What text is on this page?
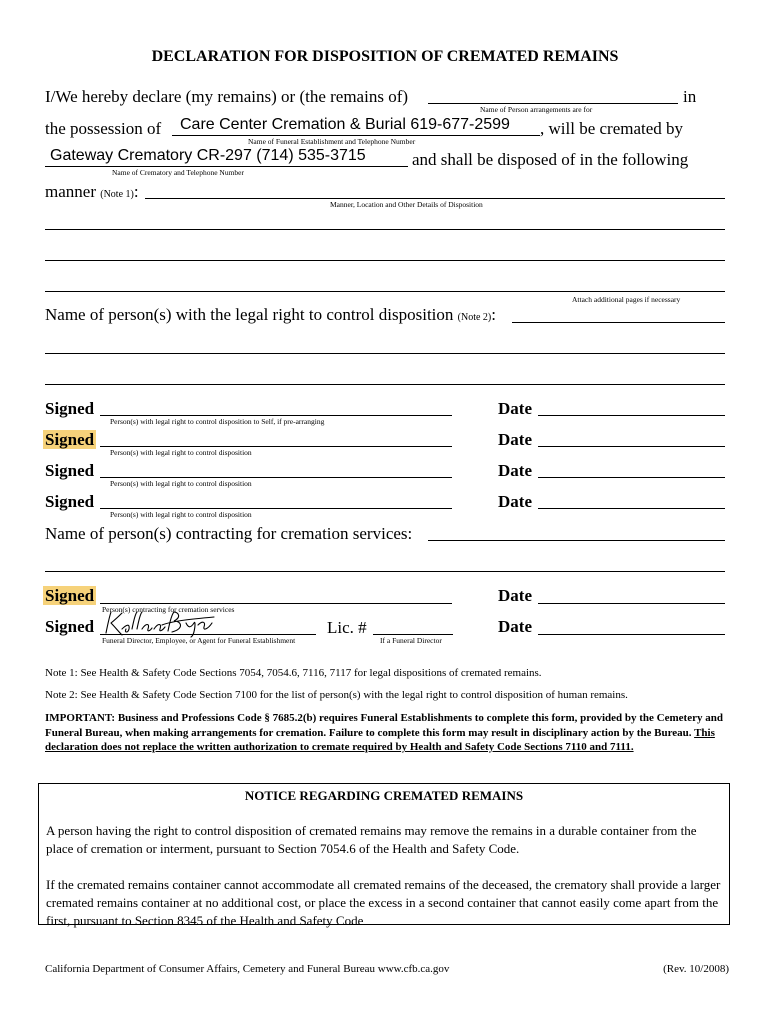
DECLARATION FOR DISPOSITION OF CREMATED REMAINS
I/We hereby declare (my remains) or (the remains of)	in
Name of Person arrangements are for
the possession of Care Center Cremation & Burial 619-677-2599 , will be cremated by
Name of Funeral Establishment and Telephone Number
Gateway Crematory CR-297 (714) 535-3715	and shall be disposed of in the following
Name of Crematory and Telephone Number
manner (Note 1):
Manner, Location and Other Details of Disposition
Attach additional pages if necessary
Name of person(s) with the legal right to control disposition (Note 2):
Signed
Person(s) with legal right to control disposition to Self, if pre-arranging
Date
Signed
Person(s) with legal right to control disposition
Date
Signed
Person(s) with legal right to control disposition
Date
Signed
Person(s) with legal right to control disposition
Date
Name of person(s) contracting for cremation services:
Signed
Person(s) contracting for cremation services
Date
Signed
Funeral Director, Employee, or Agent for Funeral Establishment
Lic. #
If a Funeral Director
Date
Note 1: See Health & Safety Code Sections 7054, 7054.6, 7116, 7117 for legal dispositions of cremated remains.
Note 2: See Health & Safety Code Section 7100 for the list of person(s) with the legal right to control disposition of human remains.
IMPORTANT: Business and Professions Code § 7685.2(b) requires Funeral Establishments to complete this form, provided by the Cemetery and Funeral Bureau, when making arrangements for cremation. Failure to complete this form may result in disciplinary action by the Bureau. This declaration does not replace the written authorization to cremate required by Health and Safety Code Sections 7110 and 7111.
NOTICE REGARDING CREMATED REMAINS
A person having the right to control disposition of cremated remains may remove the remains in a durable container from the place of cremation or interment, pursuant to Section 7054.6 of the Health and Safety Code.
If the cremated remains container cannot accommodate all cremated remains of the deceased, the crematory shall provide a larger cremated remains container at no additional cost, or place the excess in a second container that cannot easily come apart from the first, pursuant to Section 8345 of the Health and Safety Code
California Department of Consumer Affairs, Cemetery and Funeral Bureau www.cfb.ca.gov	(Rev. 10/2008)
